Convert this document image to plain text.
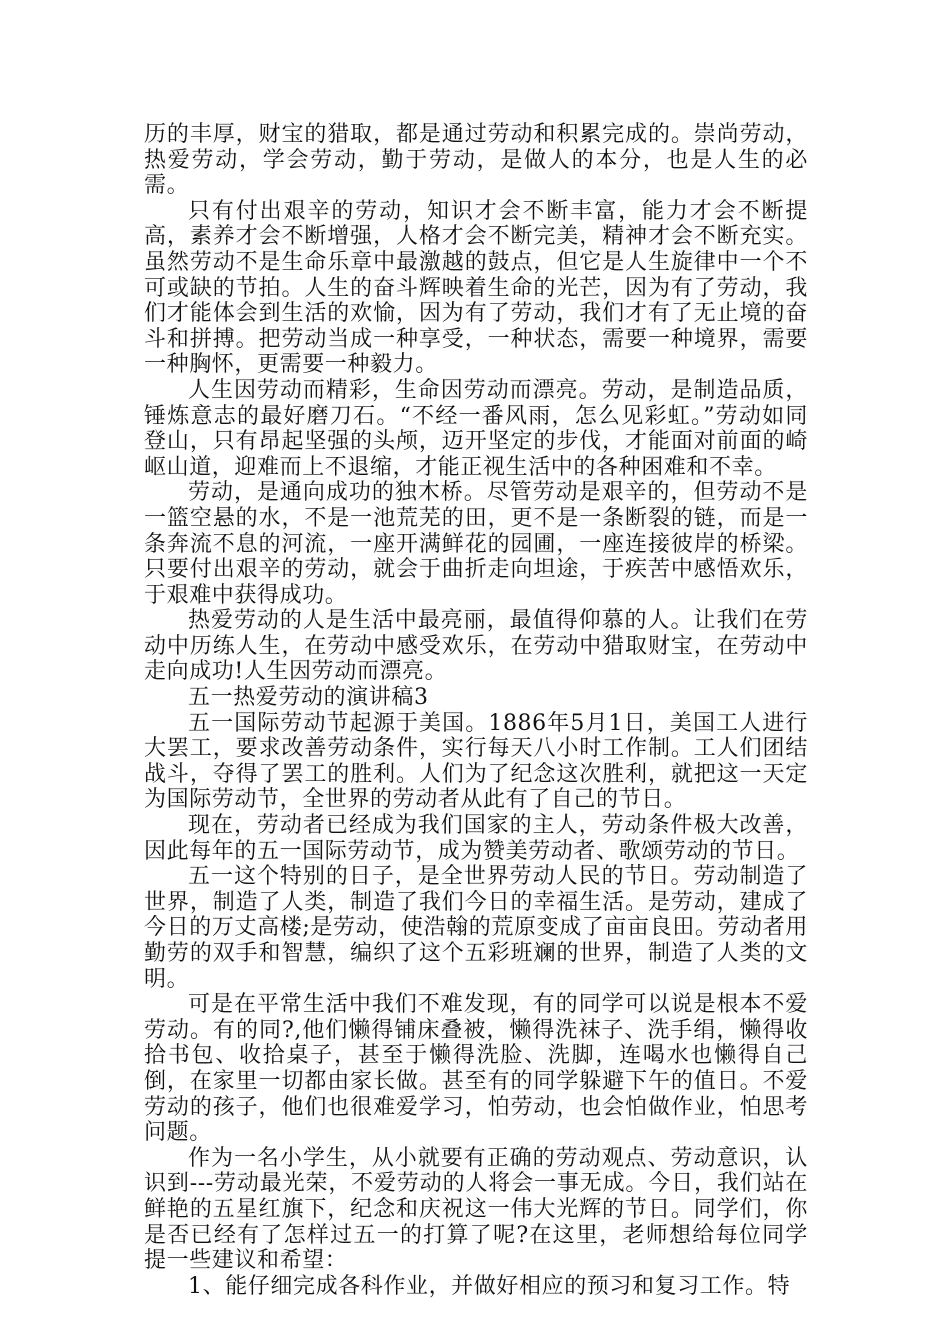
历的丰厚，财宝的猎取，都是通过劳动和积累完成的。崇尚劳动，热爱劳动，学会劳动，勤于劳动，是做人的本分，也是人生的必需。

只有付出艰辛的劳动，知识才会不断丰富，能力才会不断提高，素养才会不断增强，人格才会不断完美，精神才会不断充实。虽然劳动不是生命乐章中最激越的鼓点，但它是人生旋律中一个不可或缺的节拍。人生的奋斗辉映着生命的光芒，因为有了劳动，我们才能体会到生活的欢愉，因为有了劳动，我们才有了无止境的奋斗和拼搏。把劳动当成一种享受，一种状态，需要一种境界，需要一种胸怀，更需要一种毅力。

人生因劳动而精彩，生命因劳动而漂亮。劳动，是制造品质，锤炼意志的最好磨刀石。“不经一番风雨，怎么见彩虹。”劳动如同登山，只有昂起坚强的头颅，迈开坚定的步伐，才能面对前面的崎岖山道，迎难而上不退缩，才能正视生活中的各种困难和不幸。

劳动，是通向成功的独木桥。尽管劳动是艰辛的，但劳动不是一篮空悬的水，不是一池荒芜的田，更不是一条断裂的链，而是一条奔流不息的河流，一座开满鲜花的园圃，一座连接彼岸的桥梁。只要付出艰辛的劳动，就会于曲折走向坦途，于疾苦中感悟欢乐，于艰难中获得成功。

热爱劳动的人是生活中最亮丽，最值得仰慕的人。让我们在劳动中历练人生，在劳动中感受欢乐，在劳动中猎取财宝，在劳动中走向成功!人生因劳动而漂亮。

五一热爱劳动的演讲稿3

五一国际劳动节起源于美国。1886年5月1日，美国工人进行大罢工，要求改善劳动条件，实行每天八小时工作制。工人们团结战斗，夺得了罢工的胜利。人们为了纪念这次胜利，就把这一天定为国际劳动节，全世界的劳动者从此有了自己的节日。

现在，劳动者已经成为我们国家的主人，劳动条件极大改善，因此每年的五一国际劳动节，成为赞美劳动者、歌颂劳动的节日。

五一这个特别的日子，是全世界劳动人民的节日。劳动制造了世界，制造了人类，制造了我们今日的幸福生活。是劳动，建成了今日的万丈高楼;是劳动，使浩翰的荒原变成了亩亩良田。劳动者用勤劳的双手和智慧，编织了这个五彩班斓的世界，制造了人类的文明。

可是在平常生活中我们不难发现，有的同学可以说是根本不爱劳动。有的同?,他们懒得铺床叠被，懒得洗袜子、洗手绢，懒得收拾书包、收拾桌子，甚至于懒得洗脸、洗脚，连喝水也懒得自己倒，在家里一切都由家长做。甚至有的同学躲避下午的值日。不爱劳动的孩子，他们也很难爱学习，怕劳动，也会怕做作业，怕思考问题。

作为一名小学生，从小就要有正确的劳动观点、劳动意识，认识到---劳动最光荣，不爱劳动的人将会一事无成。今日，我们站在鲜艳的五星红旗下，纪念和庆祝这一伟大光辉的节日。同学们，你是否已经有了怎样过五一的打算了呢?在这里，老师想给每位同学提一些建议和希望：

1、能仔细完成各科作业，并做好相应的预习和复习工作。特
